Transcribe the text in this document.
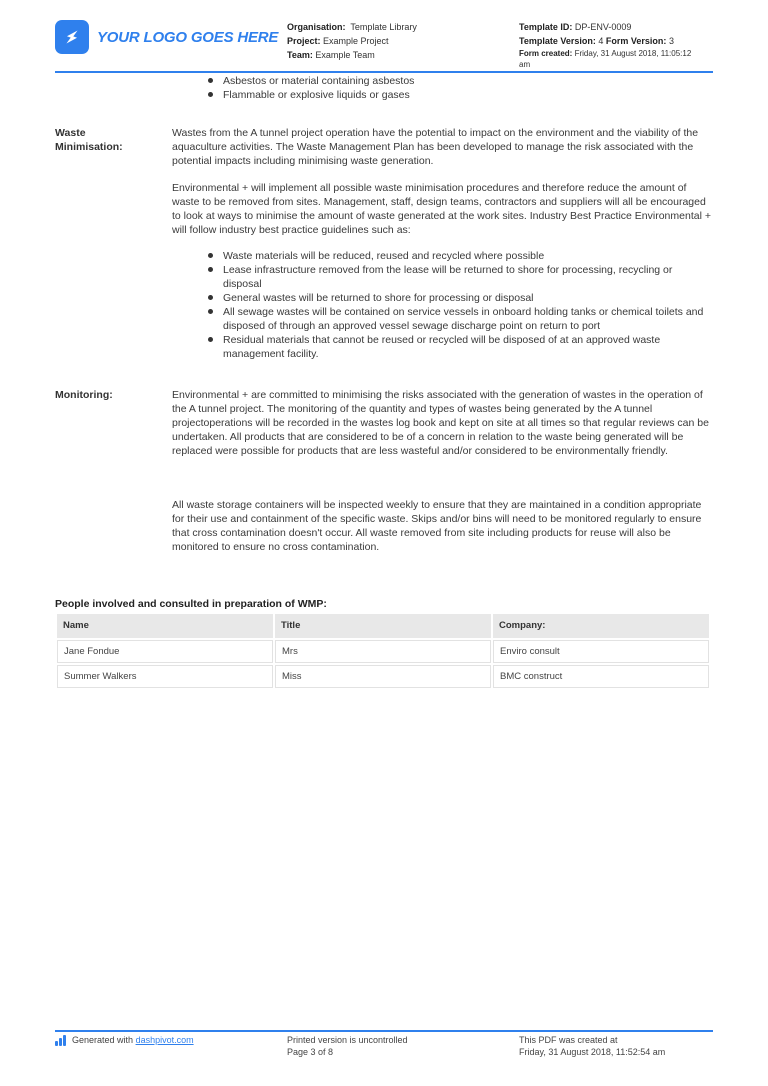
YOUR LOGO GOES HERE
Organisation: Template Library
Project: Example Project
Team: Example Team
Template ID: DP-ENV-0009
Template Version: 4 Form Version: 3
Form created: Friday, 31 August 2018, 11:05:12
am
Asbestos or material containing asbestos
Flammable or explosive liquids or gases
Waste
Minimisation:

Wastes from the A tunnel project operation have the potential to impact on the environment and the viability of the aquaculture activities. The Waste Management Plan has been developed to manage the risk associated with the potential impacts including minimising waste generation.

Environmental + will implement all possible waste minimisation procedures and therefore reduce the amount of waste to be removed from sites. Management, staff, design teams, contractors and suppliers will all be encouraged to look at ways to minimise the amount of waste generated at the work sites. Industry Best Practice Environmental + will follow industry best practice guidelines such as:

Waste materials will be reduced, reused and recycled where possible
Lease infrastructure removed from the lease will be returned to shore for processing, recycling or disposal
General wastes will be returned to shore for processing or disposal
All sewage wastes will be contained on service vessels in onboard holding tanks or chemical toilets and disposed of through an approved vessel sewage discharge point on return to port
Residual materials that cannot be reused or recycled will be disposed of at an approved waste management facility.
Monitoring:	Environmental + are committed to minimising the risks associated with the generation of wastes in the operation of the A tunnel project. The monitoring of the quantity and types of wastes being generated by the A tunnel projectoperations will be recorded in the wastes log book and kept on site at all times so that regular reviews can be undertaken. All products that are considered to be of a concern in relation to the waste being generated will be replaced were possible for products that are less wasteful and/or considered to be environmentally friendly.

All waste storage containers will be inspected weekly to ensure that they are maintained in a condition appropriate for their use and containment of the specific waste. Skips and/or bins will need to be monitored regularly to ensure that cross contamination doesn't occur. All waste removed from site including products for reuse will also be monitored to ensure no cross contamination.

People involved and consulted in preparation of WMP:
Name	Title	Company:
Jane Fondue	Mrs	Enviro consult
Summer Walkers	Miss	BMC construct
Generated with
dashpivot.com	Printed version is uncontrolled
Page 3 of 8
This PDF was created at
Friday, 31 August 2018, 11:52:54 am
